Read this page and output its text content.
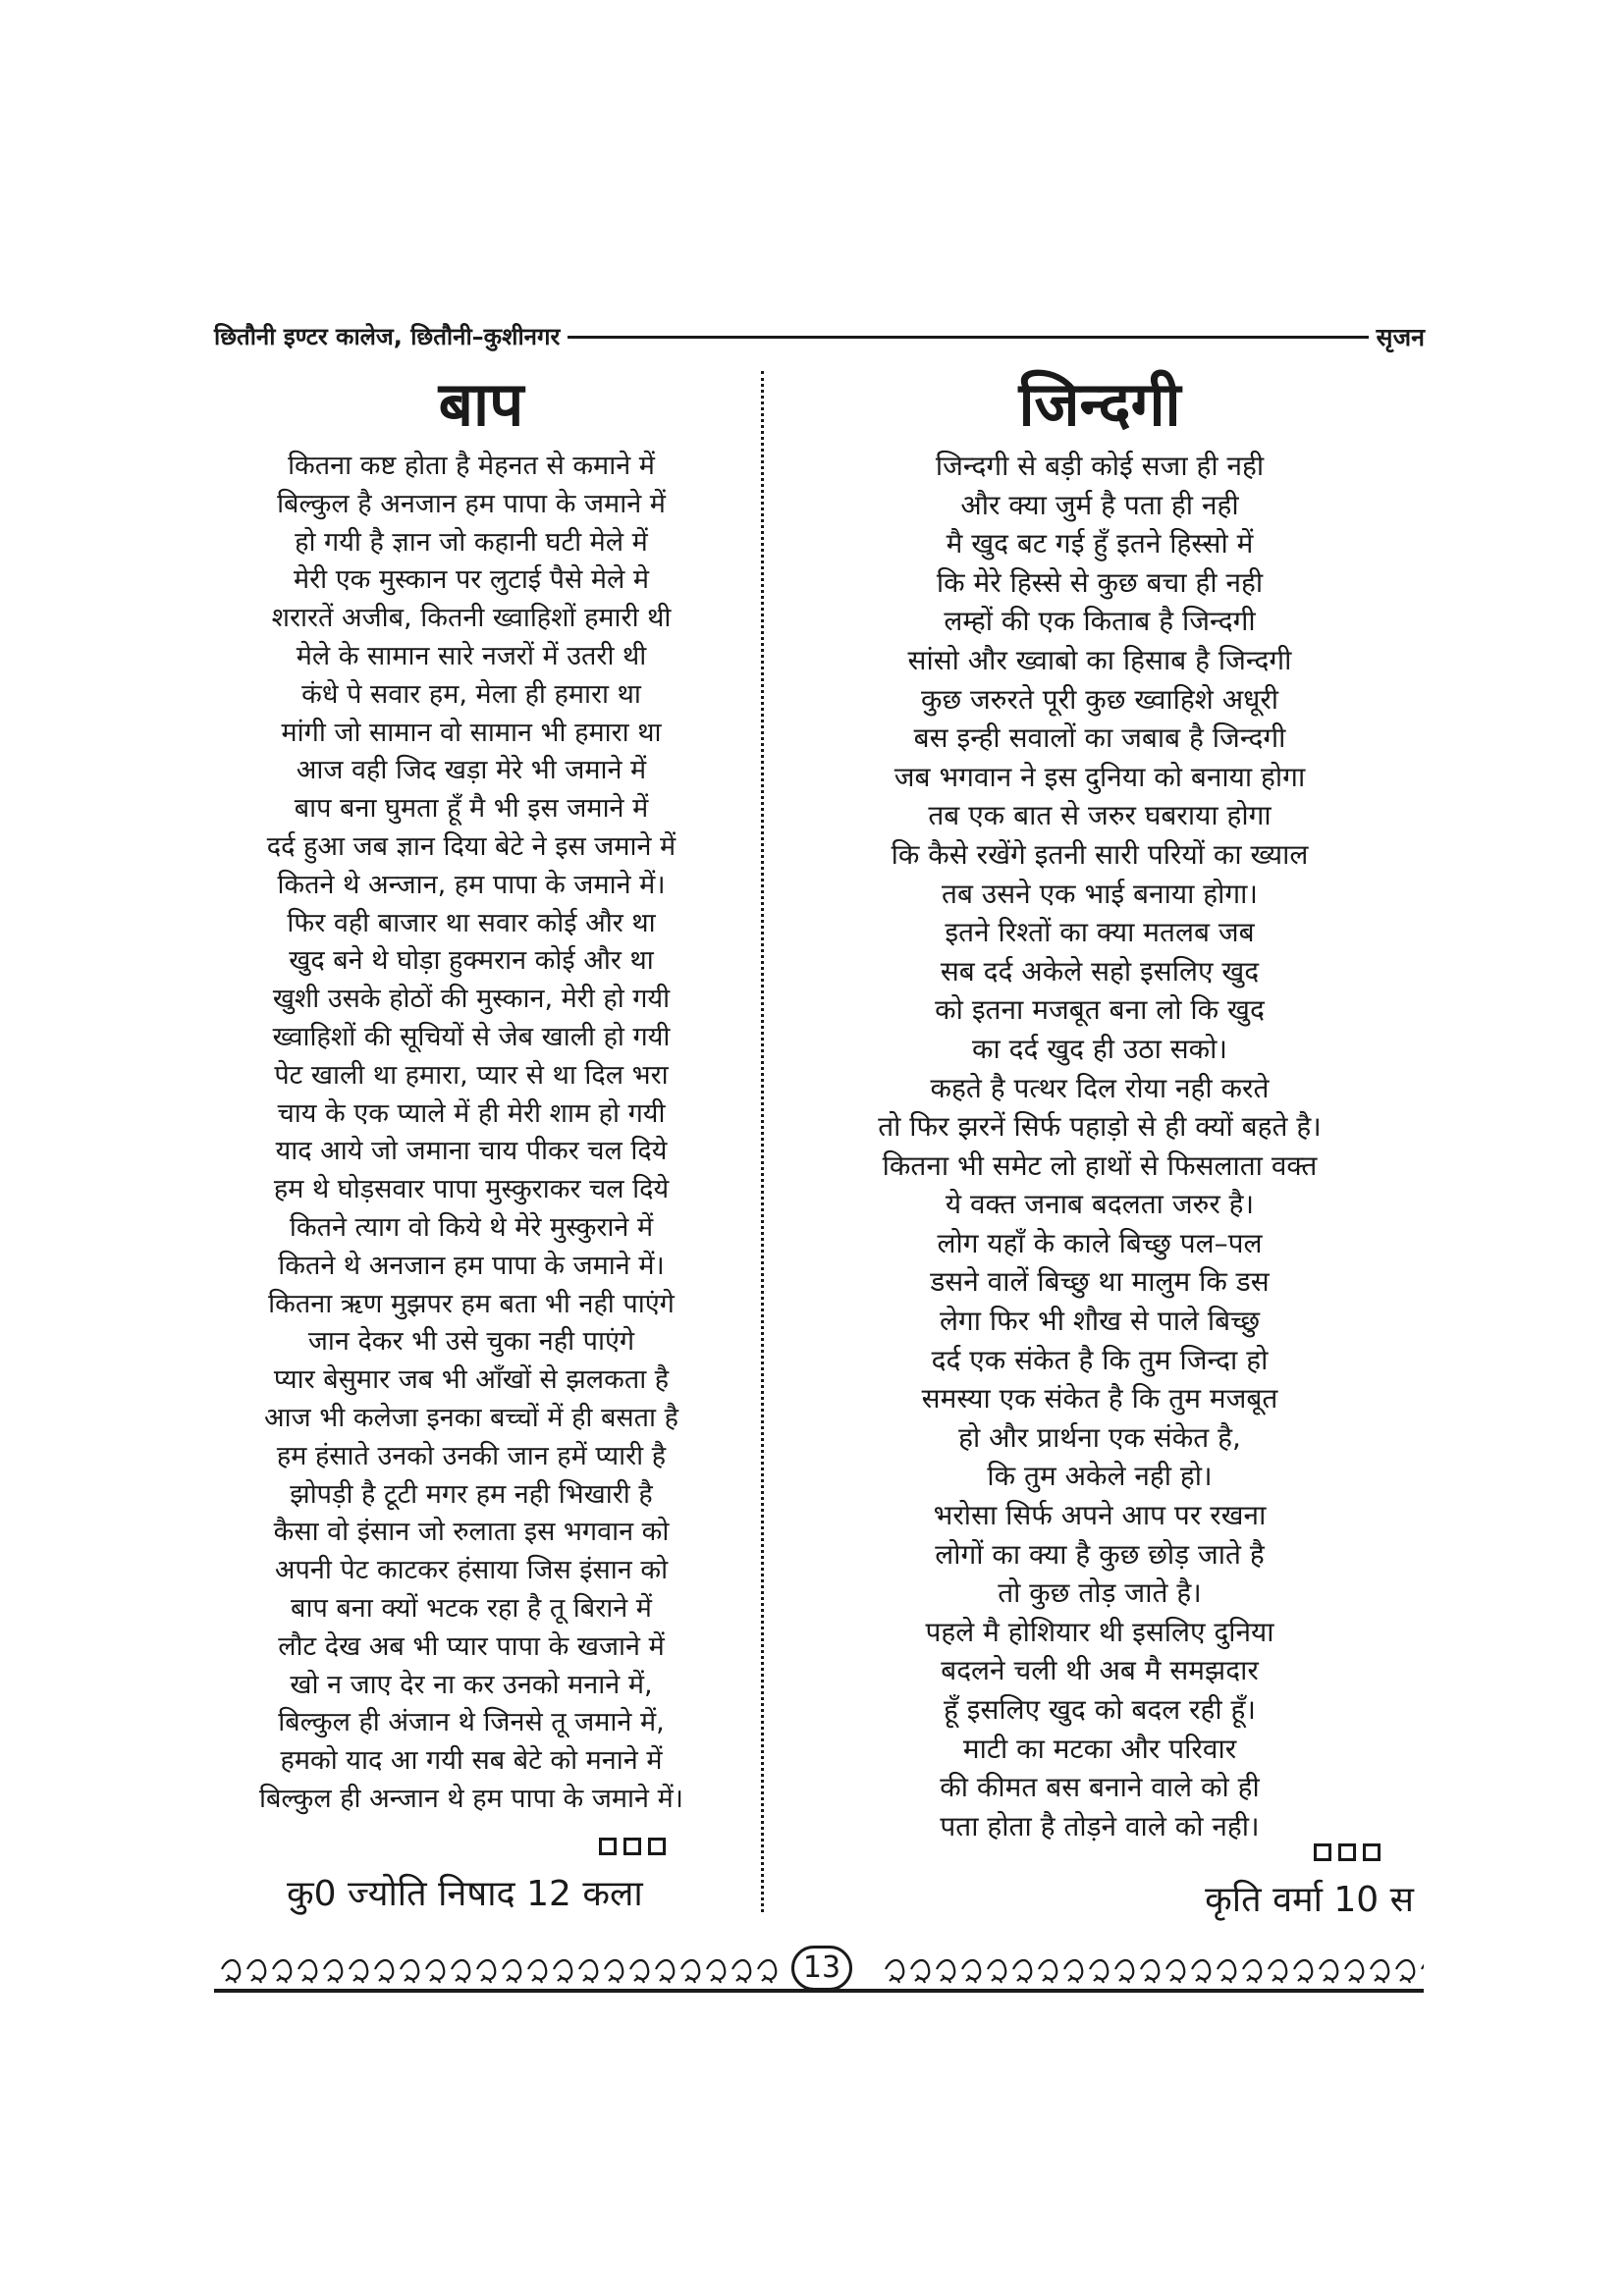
छितौनी इण्टर कालेज, छितौनी–कुशीनगर	सृजन
बाप
कितना कष्ट होता है मेहनत से कमाने में
बिल्कुल है अनजान हम पापा के जमाने में
हो गयी है ज्ञान जो कहानी घटी मेले में
मेरी एक मुस्कान पर लुटाई पैसे मेले मे
शरारतें अजीब, कितनी ख्वाहिशों हमारी थी
मेले के सामान सारे नजरों में उतरी थी
कंधे पे सवार हम, मेला ही हमारा था
मांगी जो सामान वो सामान भी हमारा था
आज वही जिद खड़ा मेरे भी जमाने में
बाप बना घुमता हूँ मै भी इस जमाने में
दर्द हुआ जब ज्ञान दिया बेटे ने इस जमाने में
कितने थे अन्जान, हम पापा के जमाने में।
फिर वही बाजार था सवार कोई और था
खुद बने थे घोड़ा हुक्मरान कोई और था
खुशी उसके होठों की मुस्कान, मेरी हो गयी
ख्वाहिशों की सूचियों से जेब खाली हो गयी
पेट खाली था हमारा, प्यार से था दिल भरा
चाय के एक प्याले में ही मेरी शाम हो गयी
याद आये जो जमाना चाय पीकर चल दिये
हम थे घोड़सवार पापा मुस्कुराकर चल दिये
कितने त्याग वो किये थे मेरे मुस्कुराने में
कितने थे अनजान हम पापा के जमाने में।
कितना ऋण मुझपर हम बता भी नही पाएंगे
जान देकर भी उसे चुका नही पाएंगे
प्यार बेसुमार जब भी आँखों से झलकता है
आज भी कलेजा इनका बच्चों में ही बसता है
हम हंसाते उनको उनकी जान हमें प्यारी है
झोपड़ी है टूटी मगर हम नही भिखारी है
कैसा वो इंसान जो रुलाता इस भगवान को
अपनी पेट काटकर हंसाया जिस इंसान को
बाप बना क्यों भटक रहा है तू बिराने में
लौट देख अब भी प्यार पापा के खजाने में
खो न जाए देर ना कर उनको मनाने में,
बिल्कुल ही अंजान थे जिनसे तू जमाने में,
हमको याद आ गयी सब बेटे को मनाने में
बिल्कुल ही अन्जान थे हम पापा के जमाने में।
कु0 ज्योति निषाद 12 कला
जिन्दगी
जिन्दगी से बड़ी कोई सजा ही नही
और क्या जुर्म है पता ही नही
मै खुद बट गई हुँ इतने हिस्सो में
कि मेरे हिस्से से कुछ बचा ही नही
लम्हों की एक किताब है जिन्दगी
सांसो और ख्वाबो का हिसाब है जिन्दगी
कुछ जरुरते पूरी कुछ ख्वाहिशे अधूरी
बस इन्ही सवालों का जबाब है जिन्दगी
जब भगवान ने इस दुनिया को बनाया होगा
तब एक बात से जरुर घबराया होगा
कि कैसे रखेंगे इतनी सारी परियों का ख्याल
तब उसने एक भाई बनाया होगा।
इतने रिश्तों का क्या मतलब जब
सब दर्द अकेले सहो इसलिए खुद
को इतना मजबूत बना लो कि खुद
का दर्द खुद ही उठा सको।
कहते है पत्थर दिल रोया नही करते
तो फिर झरनें सिर्फ पहाड़ो से ही क्यों बहते है।
कितना भी समेट लो हाथों से फिसलाता वक्त
ये वक्त जनाब बदलता जरुर है।
लोग यहाँ के काले बिच्छु पल–पल
डसने वालें बिच्छु था मालुम कि डस
लेगा फिर भी शौख से पाले बिच्छु
दर्द एक संकेत है कि तुम जिन्दा हो
समस्या एक संकेत है कि तुम मजबूत
हो और प्रार्थना एक संकेत है,
कि तुम अकेले नही हो।
भरोसा सिर्फ अपने आप पर रखना
लोगों का क्या है कुछ छोड़ जाते है
तो कुछ तोड़ जाते है।
पहले मै होशियार थी इसलिए दुनिया
बदलने चली थी अब मै समझदार
हूँ इसलिए खुद को बदल रही हूँ।
माटी का मटका और परिवार
की कीमत बस बनाने वाले को ही
पता होता है तोड़ने वाले को नही।
कृति वर्मा 10 स
13
